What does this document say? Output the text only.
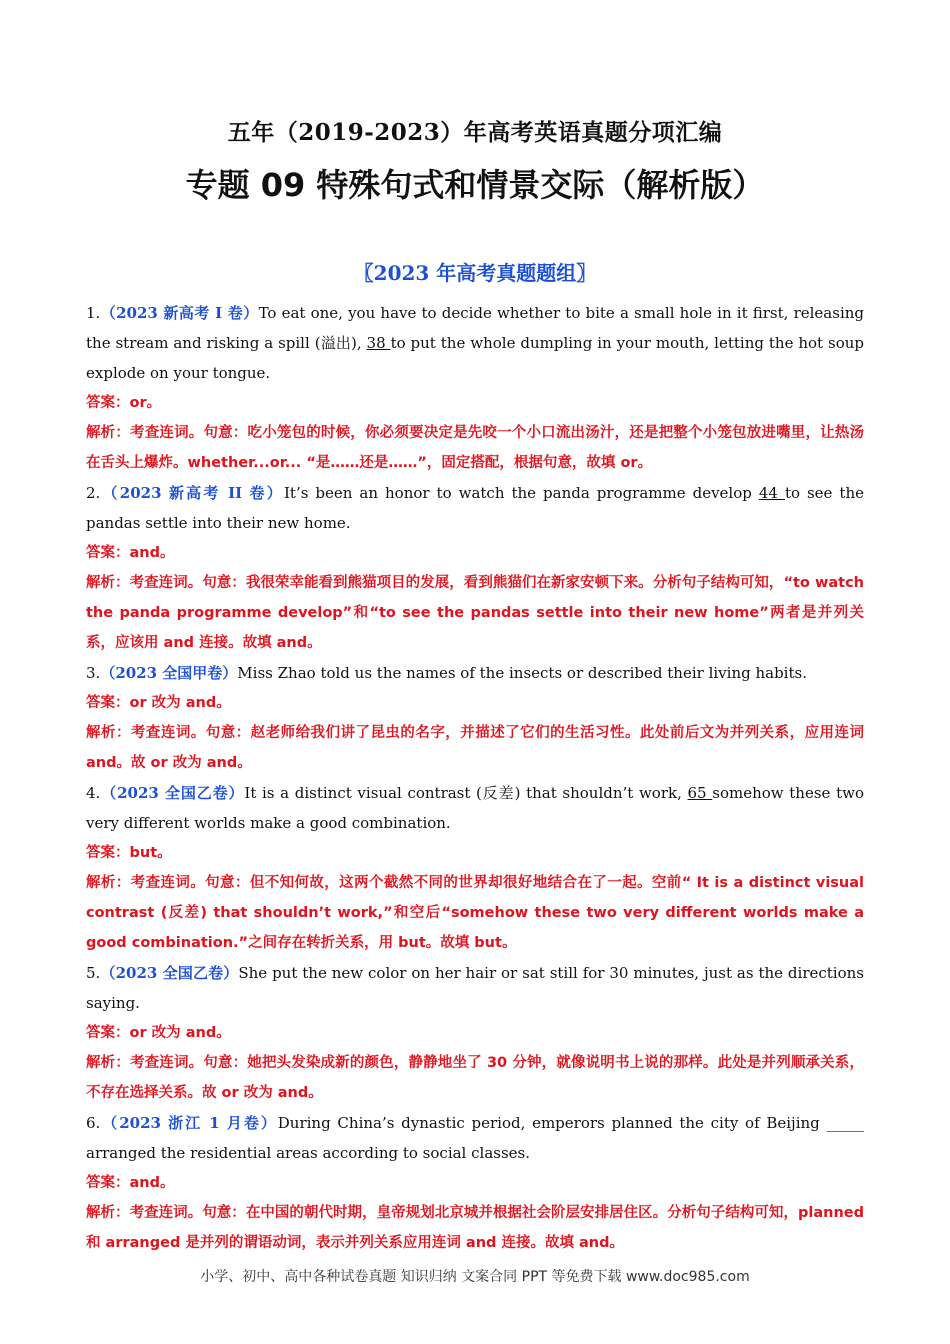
五年（2019-2023）年高考英语真题分项汇编
专题 09 特殊句式和情景交际（解析版）
〖2023 年高考真题题组〗

1.（2023 新高考 I 卷）To eat one, you have to decide whether to bite a small hole in it first, releasing the stream and risking a spill (溢出), 38 to put the whole dumpling in your mouth, letting the hot soup explode on your tongue.

答案：or。

解析：考查连词。句意：吃小笼包的时候，你必须要决定是先咬一个小口流出汤汁，还是把整个小笼包放进嘴里，让热汤在舌头上爆炸。whether...or... “是……还是……”，固定搭配，根据句意，故填 or。

2.（2023 新高考 II 卷）It’s been an honor to watch the panda programme develop 44 to see the pandas settle into their new home.

答案：and。

解析：考查连词。句意：我很荣幸能看到熊猫项目的发展，看到熊猫们在新家安顿下来。分析句子结构可知，“to watch the panda programme develop”和“to see the pandas settle into their new home”两者是并列关系，应该用 and 连接。故填 and。

3.（2023 全国甲卷）Miss Zhao told us the names of the insects or described their living habits.

答案：or 改为 and。

解析：考查连词。句意：赵老师给我们讲了昆虫的名字，并描述了它们的生活习性。此处前后文为并列关系，应用连词 and。故 or 改为 and。

4.（2023 全国乙卷）It is a distinct visual contrast (反差) that shouldn’t work, 65 somehow these two very different worlds make a good combination.

答案：but。

解析：考查连词。句意：但不知何故，这两个截然不同的世界却很好地结合在了一起。空前“ It is a distinct visual contrast (反差) that shouldn’t work,”和空后“somehow these two very different worlds make a good combination.”之间存在转折关系，用 but。故填 but。

5.（2023 全国乙卷）She put the new color on her hair or sat still for 30 minutes, just as the directions saying.

答案：or 改为 and。

解析：考查连词。句意：她把头发染成新的颜色，静静地坐了 30 分钟，就像说明书上说的那样。此处是并列顺承关系，不存在选择关系。故 or 改为 and。

6.（2023 浙江 1 月卷）During China’s dynastic period, emperors planned the city of Beijing _____ arranged the residential areas according to social classes.

答案：and。

解析：考查连词。句意：在中国的朝代时期，皇帝规划北京城并根据社会阶层安排居住区。分析句子结构可知，planned 和 arranged 是并列的谓语动词，表示并列关系应用连词 and 连接。故填 and。

小学、初中、高中各种试卷真题 知识归纳 文案合同 PPT 等免费下载 www.doc985.com
